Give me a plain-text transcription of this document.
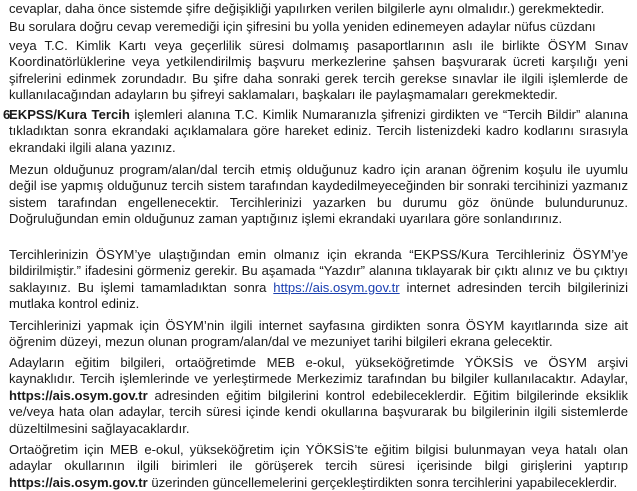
cevaplar, daha önce sistemde şifre değişikliği yapılırken verilen bilgilerle aynı olmalıdır.) gerekmektedir.

Bu sorulara doğru cevap veremediği için şifresini bu yolla yeniden edinemeyen adaylar nüfus cüzdanı

veya T.C. Kimlik Kartı veya geçerlilik süresi dolmamış pasaportlarının aslı ile birlikte ÖSYM Sınav Koordinatörlüklerine veya yetkilendirilmiş başvuru merkezlerine şahsen başvurarak ücreti karşılığı yeni şifrelerini edinmek zorundadır. Bu şifre daha sonraki gerek tercih gerekse sınavlar ile ilgili işlemlerde de kullanılacağından adayların bu şifreyi saklamaları, başkaları ile paylaşmamaları gerekmektedir.

6
EKPSS/Kura Tercih işlemleri alanına T.C. Kimlik Numaranızla şifrenizi girdikten ve “Tercih Bildir” alanına tıkladıktan sonra ekrandaki açıklamalara göre hareket ediniz. Tercih listenizdeki kadro kodlarını sırasıyla ekrandaki ilgili alana yazınız.

Mezun olduğunuz program/alan/dal tercih etmiş olduğunuz kadro için aranan öğrenim koşulu ile uyumlu değil ise yapmış olduğunuz tercih sistem tarafından kaydedilmeyeceğinden bir sonraki tercihinizi yazmanız sistem tarafından engellenecektir. Tercihlerinizi yazarken bu durumu göz önünde bulundurunuz. Doğruluğundan emin olduğunuz zaman yaptığınız işlemi ekrandaki uyarılara göre sonlandırınız.

Tercihlerinizin ÖSYM’ye ulaştığından emin olmanız için ekranda “EKPSS/Kura Tercihleriniz ÖSYM’ye bildirilmiştir.” ifadesini görmeniz gerekir. Bu aşamada “Yazdır” alanına tıklayarak bir çıktı alınız ve bu çıktıyı saklayınız. Bu işlemi tamamladıktan sonra https://ais.osym.gov.tr internet adresinden tercih bilgilerinizi mutlaka kontrol ediniz.

Tercihlerinizi yapmak için ÖSYM’nin ilgili internet sayfasına girdikten sonra ÖSYM kayıtlarında size ait öğrenim düzeyi, mezun olunan program/alan/dal ve mezuniyet tarihi bilgileri ekrana gelecektir.

Adayların eğitim bilgileri, ortaöğretimde MEB e-okul, yükseköğretimde YÖKSİS ve ÖSYM arşivi kaynaklıdır. Tercih işlemlerinde ve yerleştirmede Merkezimiz tarafından bu bilgiler kullanılacaktır. Adaylar, https://ais.osym.gov.tr adresinden eğitim bilgilerini kontrol edebileceklerdir. Eğitim bilgilerinde eksiklik ve/veya hata olan adaylar, tercih süresi içinde kendi okullarına başvurarak bu bilgilerinin ilgili sistemlerde düzeltilmesini sağlayacaklardır.

Ortaöğretim için MEB e-okul, yükseköğretim için YÖKSİS’te eğitim bilgisi bulunmayan veya hatalı olan adaylar okullarının ilgili birimleri ile görüşerek tercih süresi içerisinde bilgi girişlerini yaptırıp https://ais.osym.gov.tr üzerinden güncellemelerini gerçekleştirdikten sonra tercihlerini yapabileceklerdir.
